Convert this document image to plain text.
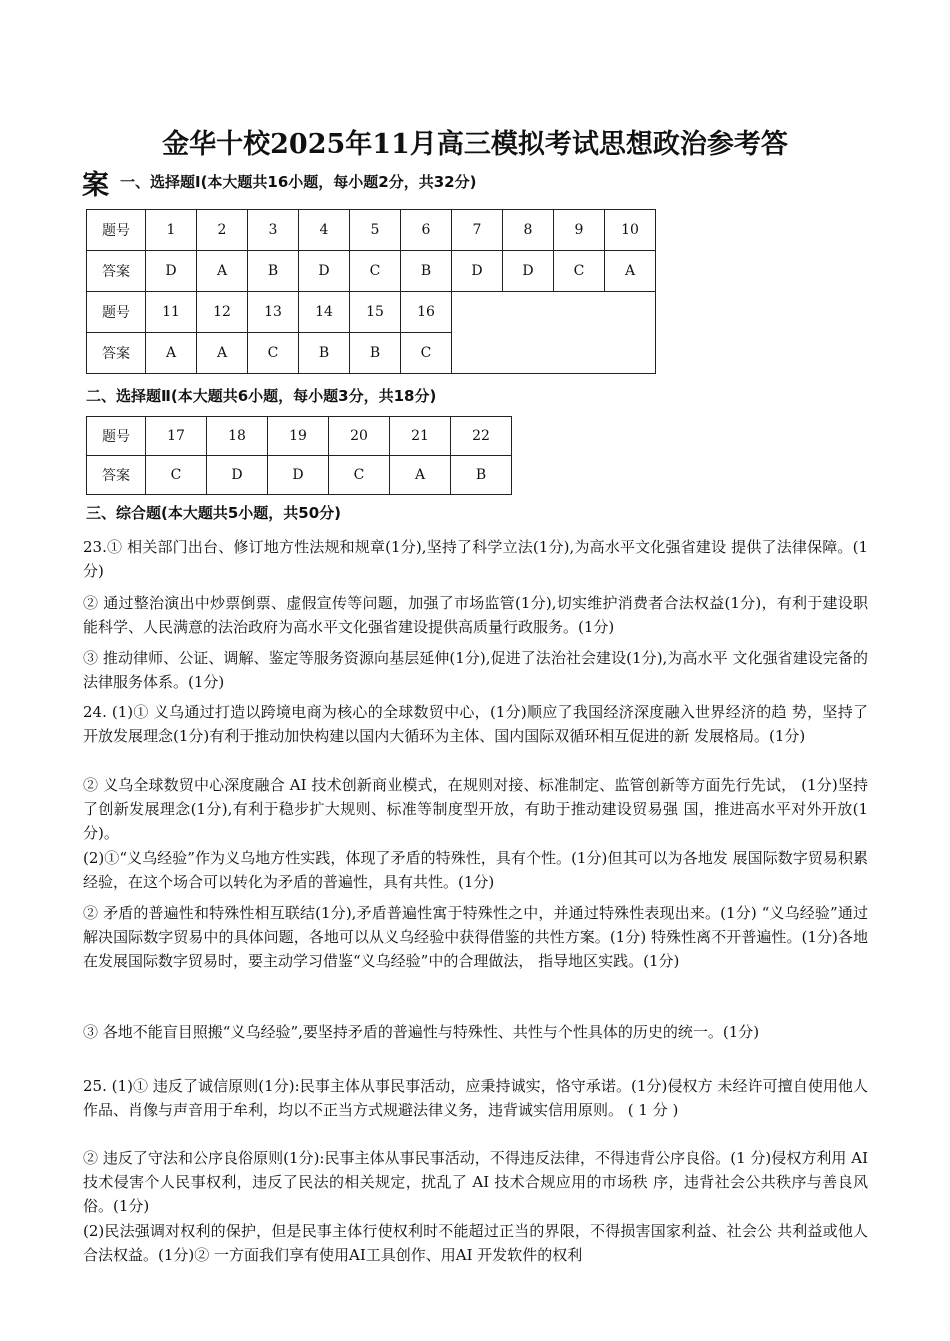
金华十校2025年11月高三模拟考试思想政治参考答
案 一、选择题Ⅰ(本大题共16小题，每小题2分，共32分)
题号	1	2	3	4	5	6	7	8	9	10
答案	D	A	B	D	C	B	D	D	C	A
题号	11	12	13	14	15	16				
答案	A	A	C	B	B	C				
二、选择题Ⅱ(本大题共6小题，每小题3分，共18分)
题号	17	18	19	20	21	22
答案	C	D	D	C	A	B
三、综合题(本大题共5小题，共50分)
23.① 相关部门出台、修订地方性法规和规章(1分),坚持了科学立法(1分),为高水平文化强省建设 提供了法律保障。(1分)
② 通过整治演出中炒票倒票、虚假宣传等问题，加强了市场监管(1分),切实维护消费者合法权益(1分)，有利于建设职能科学、人民满意的法治政府为高水平文化强省建设提供高质量行政服务。(1分)
③ 推动律师、公证、调解、鉴定等服务资源向基层延伸(1分),促进了法治社会建设(1分),为高水平 文化强省建设完备的法律服务体系。(1分)
24. (1)① 义乌通过打造以跨境电商为核心的全球数贸中心，(1分)顺应了我国经济深度融入世界经济的趋 势，坚持了开放发展理念(1分)有利于推动加快构建以国内大循环为主体、国内国际双循环相互促进的新 发展格局。(1分)
② 义乌全球数贸中心深度融合 AI 技术创新商业模式，在规则对接、标准制定、监管创新等方面先行先试， (1分)坚持了创新发展理念(1分),有利于稳步扩大规则、标准等制度型开放，有助于推动建设贸易强 国，推进高水平对外开放(1分)。
(2)①“义乌经验”作为义乌地方性实践，体现了矛盾的特殊性，具有个性。(1分)但其可以为各地发 展国际数字贸易积累经验，在这个场合可以转化为矛盾的普遍性，具有共性。(1分)
② 矛盾的普遍性和特殊性相互联结(1分),矛盾普遍性寓于特殊性之中，并通过特殊性表现出来。(1分) “义乌经验”通过解决国际数字贸易中的具体问题，各地可以从义乌经验中获得借鉴的共性方案。(1分) 特殊性离不开普遍性。(1分)各地在发展国际数字贸易时，要主动学习借鉴“义乌经验”中的合理做法， 指导地区实践。(1分)
③ 各地不能盲目照搬“义乌经验”,要坚持矛盾的普遍性与特殊性、共性与个性具体的历史的统一。(1分)
25. (1)① 违反了诚信原则(1分):民事主体从事民事活动，应秉持诚实，恪守承诺。(1分)侵权方 未经许可擅自使用他人作品、肖像与声音用于牟利，均以不正当方式规避法律义务，违背诚实信用原则。 ( 1 分 )
② 违反了守法和公序良俗原则(1分):民事主体从事民事活动，不得违反法律，不得违背公序良俗。(1 分)侵权方利用 AI 技术侵害个人民事权利，违反了民法的相关规定，扰乱了 AI 技术合规应用的市场秩 序，违背社会公共秩序与善良风俗。(1分)
(2)民法强调对权利的保护，但是民事主体行使权利时不能超过正当的界限，不得损害国家利益、社会公 共利益或他人合法权益。(1分)② 一方面我们享有使用AI工具创作、用AI 开发软件的权利
